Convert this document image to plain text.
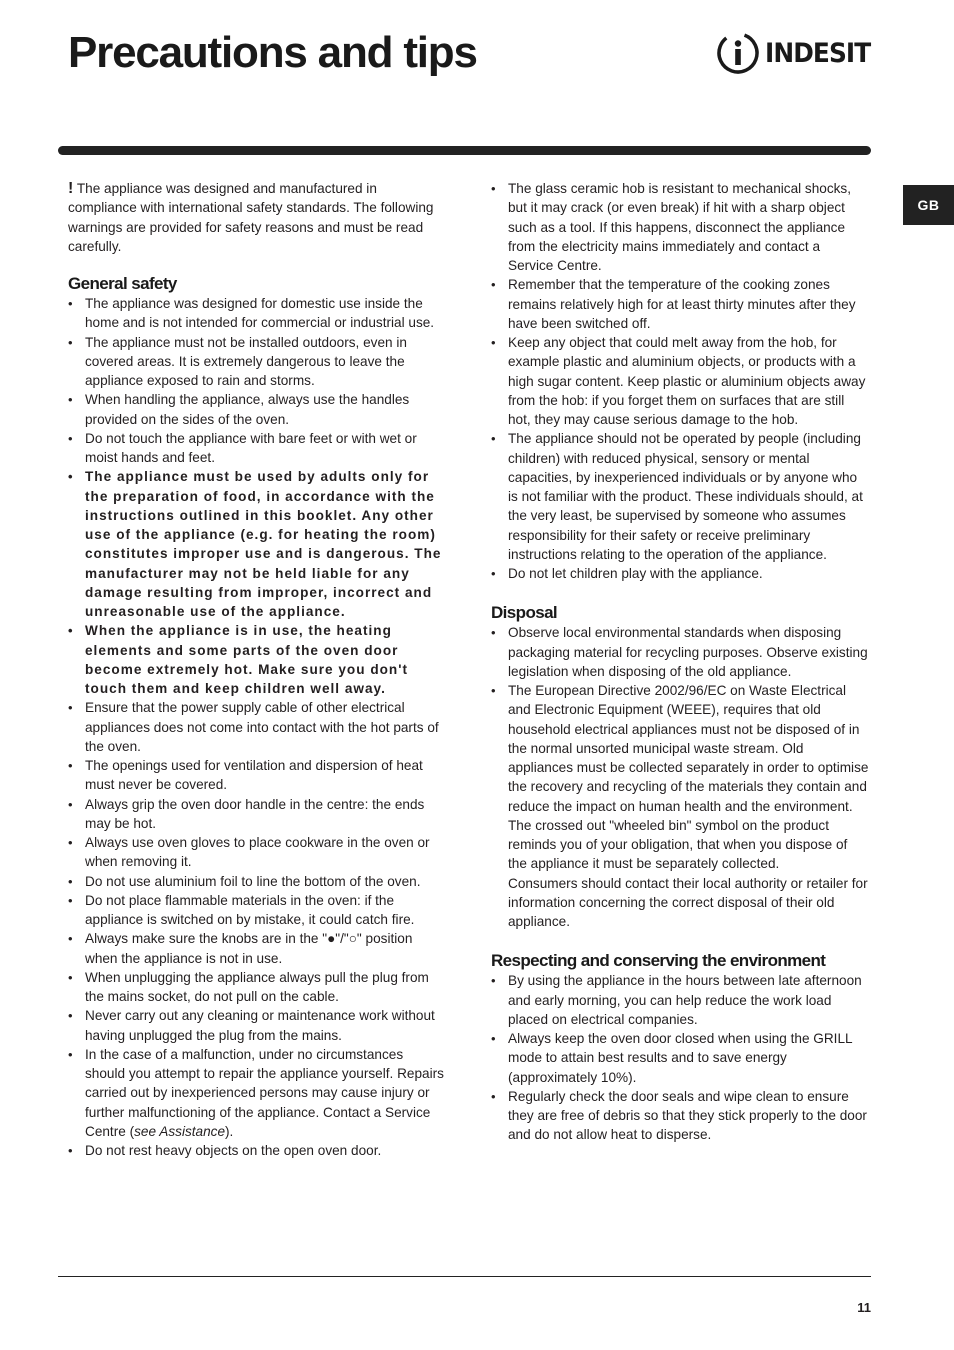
Precautions and tips	INDESIT
GB

! The appliance was designed and manufactured in compliance with international safety standards. The following warnings are provided for safety reasons and must be read carefully.

General safety
• The appliance was designed for domestic use inside the home and is not intended for commercial or industrial use.
• The appliance must not be installed outdoors, even in covered areas. It is extremely dangerous to leave the appliance exposed to rain and storms.
• When handling the appliance, always use the handles provided on the sides of the oven.
• Do not touch the appliance with bare feet or with wet or moist hands and feet.
• The appliance must be used by adults only for the preparation of food, in accordance with the instructions outlined in this booklet. Any other use of the appliance (e.g. for heating the room) constitutes improper use and is dangerous. The manufacturer may not be held liable for any damage resulting from improper, incorrect and unreasonable use of the appliance.
• When the appliance is in use, the heating elements and some parts of the oven door become extremely hot. Make sure you don't touch them and keep children well away.
• Ensure that the power supply cable of other electrical appliances does not come into contact with the hot parts of the oven.
• The openings used for ventilation and dispersion of heat must never be covered.
• Always grip the oven door handle in the centre: the ends may be hot.
• Always use oven gloves to place cookware in the oven or when removing it.
• Do not use aluminium foil to line the bottom of the oven.
• Do not place flammable materials in the oven: if the appliance is switched on by mistake, it could catch fire.
• Always make sure the knobs are in the "●"/"○" position when the appliance is not in use.
• When unplugging the appliance always pull the plug from the mains socket, do not pull on the cable.
• Never carry out any cleaning or maintenance work without having unplugged the plug from the mains.
• In the case of a malfunction, under no circumstances should you attempt to repair the appliance yourself. Repairs carried out by inexperienced persons may cause injury or further malfunctioning of the appliance. Contact a Service Centre (see Assistance).
• Do not rest heavy objects on the open oven door.
• The glass ceramic hob is resistant to mechanical shocks, but it may crack (or even break) if hit with a sharp object such as a tool. If this happens, disconnect the appliance from the electricity mains immediately and contact a Service Centre.
• Remember that the temperature of the cooking zones remains relatively high for at least thirty minutes after they have been switched off.
• Keep any object that could melt away from the hob, for example plastic and aluminium objects, or products with a high sugar content. Keep plastic or aluminium objects away from the hob: if you forget them on surfaces that are still hot, they may cause serious damage to the hob.
• The appliance should not be operated by people (including children) with reduced physical, sensory or mental capacities, by inexperienced individuals or by anyone who is not familiar with the product. These individuals should, at the very least, be supervised by someone who assumes responsibility for their safety or receive preliminary instructions relating to the operation of the appliance.
• Do not let children play with the appliance.
Disposal
• Observe local environmental standards when disposing packaging material for recycling purposes. Observe existing legislation when disposing of the old appliance.
• The European Directive 2002/96/EC on Waste Electrical and Electronic Equipment (WEEE), requires that old household electrical appliances must not be disposed of in the normal unsorted municipal waste stream. Old appliances must be collected separately in order to optimise the recovery and recycling of the materials they contain and reduce the impact on human health and the environment. The crossed out "wheeled bin" symbol on the product reminds you of your obligation, that when you dispose of the appliance it must be separately collected.

Consumers should contact their local authority or retailer for information concerning the correct disposal of their old appliance.

Respecting and conserving the environment
• By using the appliance in the hours between late afternoon and early morning, you can help reduce the work load placed on electrical companies.
• Always keep the oven door closed when using the GRILL mode to attain best results and to save energy (approximately 10%).
• Regularly check the door seals and wipe clean to ensure they are free of debris so that they stick properly to the door and do not allow heat to disperse.
11
